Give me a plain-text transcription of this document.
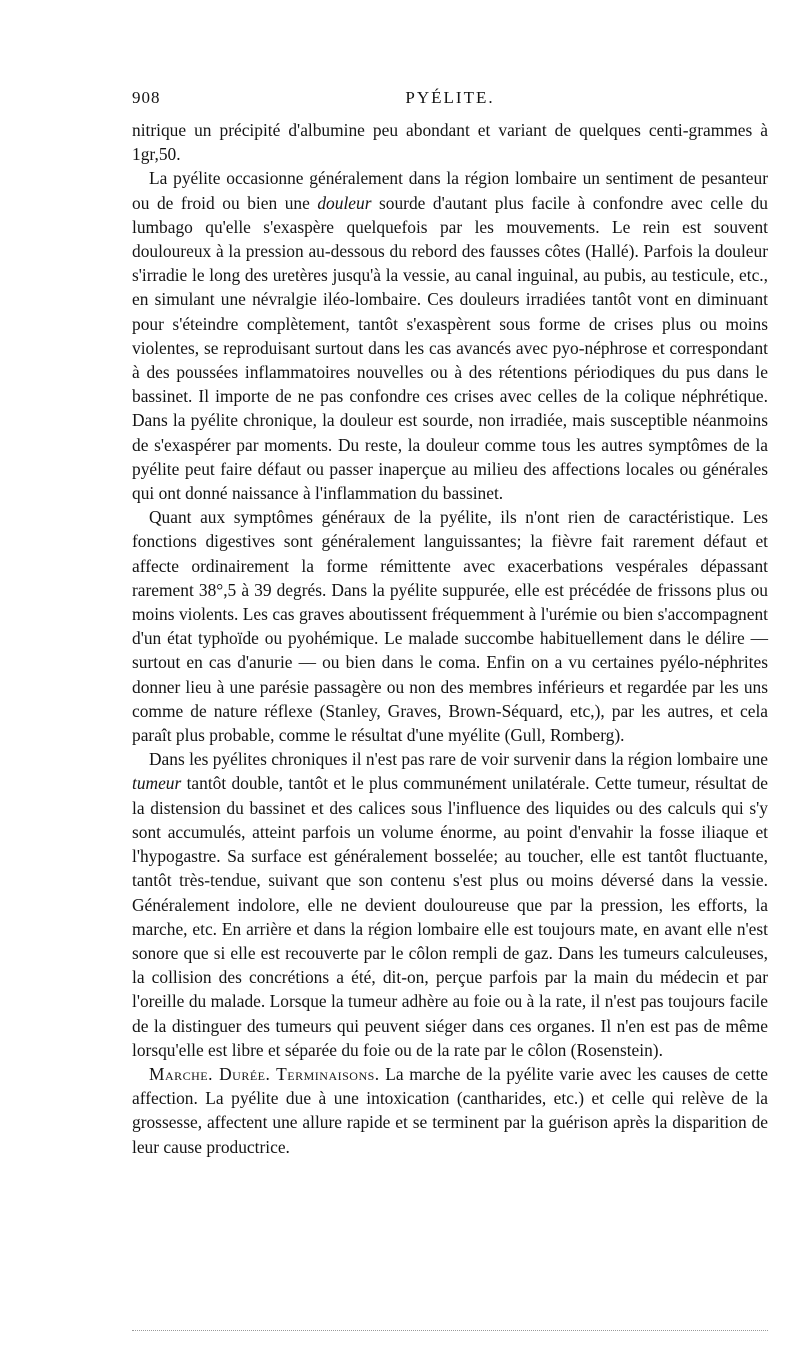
908	PYÉLITE.

nitrique un précipité d'albumine peu abondant et variant de quelques centi-grammes à 1gr,50.

La pyélite occasionne généralement dans la région lombaire un sentiment de pesanteur ou de froid ou bien une douleur sourde d'autant plus facile à confondre avec celle du lumbago qu'elle s'exaspère quelquefois par les mouvements. Le rein est souvent douloureux à la pression au-dessous du rebord des fausses côtes (Hallé). Parfois la douleur s'irradie le long des uretères jusqu'à la vessie, au canal inguinal, au pubis, au testicule, etc., en simulant une névralgie iléo-lombaire. Ces douleurs irradiées tantôt vont en diminuant pour s'éteindre complètement, tantôt s'exaspèrent sous forme de crises plus ou moins violentes, se reproduisant surtout dans les cas avancés avec pyo-néphrose et correspondant à des poussées inflammatoires nouvelles ou à des rétentions périodiques du pus dans le bassinet. Il importe de ne pas confondre ces crises avec celles de la colique néphrétique. Dans la pyélite chronique, la douleur est sourde, non irradiée, mais susceptible néanmoins de s'exaspérer par moments. Du reste, la douleur comme tous les autres symptômes de la pyélite peut faire défaut ou passer inaperçue au milieu des affections locales ou générales qui ont donné naissance à l'inflammation du bassinet.

Quant aux symptômes généraux de la pyélite, ils n'ont rien de caractéristique. Les fonctions digestives sont généralement languissantes; la fièvre fait rarement défaut et affecte ordinairement la forme rémittente avec exacerbations vespérales dépassant rarement 38°,5 à 39 degrés. Dans la pyélite suppurée, elle est précédée de frissons plus ou moins violents. Les cas graves aboutissent fréquemment à l'urémie ou bien s'accompagnent d'un état typhoïde ou pyohémique. Le malade succombe habituellement dans le délire — surtout en cas d'anurie — ou bien dans le coma. Enfin on a vu certaines pyélo-néphrites donner lieu à une parésie passagère ou non des membres inférieurs et regardée par les uns comme de nature réflexe (Stanley, Graves, Brown-Séquard, etc,), par les autres, et cela paraît plus probable, comme le résultat d'une myélite (Gull, Romberg).

Dans les pyélites chroniques il n'est pas rare de voir survenir dans la région lombaire une tumeur tantôt double, tantôt et le plus communément unilatérale. Cette tumeur, résultat de la distension du bassinet et des calices sous l'influence des liquides ou des calculs qui s'y sont accumulés, atteint parfois un volume énorme, au point d'envahir la fosse iliaque et l'hypogastre. Sa surface est généralement bosselée; au toucher, elle est tantôt fluctuante, tantôt très-tendue, suivant que son contenu s'est plus ou moins déversé dans la vessie. Généralement indolore, elle ne devient douloureuse que par la pression, les efforts, la marche, etc. En arrière et dans la région lombaire elle est toujours mate, en avant elle n'est sonore que si elle est recouverte par le côlon rempli de gaz. Dans les tumeurs calculeuses, la collision des concrétions a été, dit-on, perçue parfois par la main du médecin et par l'oreille du malade. Lorsque la tumeur adhère au foie ou à la rate, il n'est pas toujours facile de la distinguer des tumeurs qui peuvent siéger dans ces organes. Il n'en est pas de même lorsqu'elle est libre et séparée du foie ou de la rate par le côlon (Rosenstein).

Marche. Durée. Terminaisons. La marche de la pyélite varie avec les causes de cette affection. La pyélite due à une intoxication (cantharides, etc.) et celle qui relève de la grossesse, affectent une allure rapide et se terminent par la guérison après la disparition de leur cause productrice.
